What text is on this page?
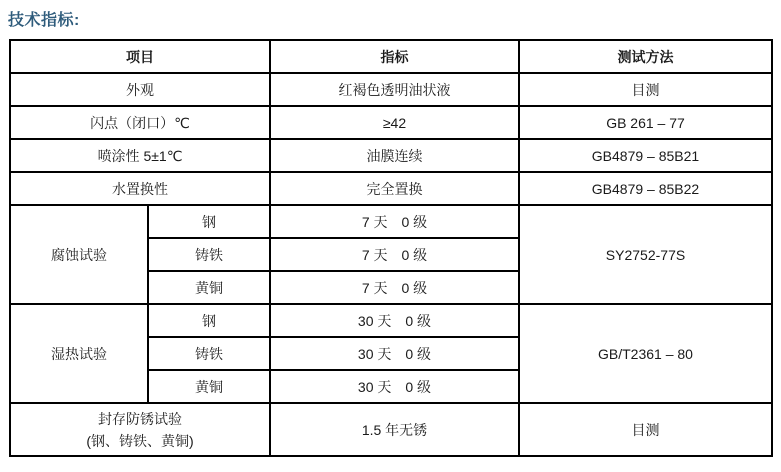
技术指标:
项目		指标	测试方法
外观		红褐色透明油状液	目测
闪点（闭口）℃		≥42	GB 261 – 77
喷涂性 5±1℃		油膜连续	GB4879 – 85B21
水置换性		完全置换	GB4879 – 85B22
腐蚀试验	钢	7 天　0 级	SY2752-77S
	铸铁	7 天　0 级	
	黄铜	7 天　0 级	
湿热试验	钢	30 天　0 级	GB/T2361 – 80
	铸铁	30 天　0 级	
	黄铜	30 天　0 级	

封存防锈试验
(钢、铸铁、黄铜)		1.5 年无锈	目测
